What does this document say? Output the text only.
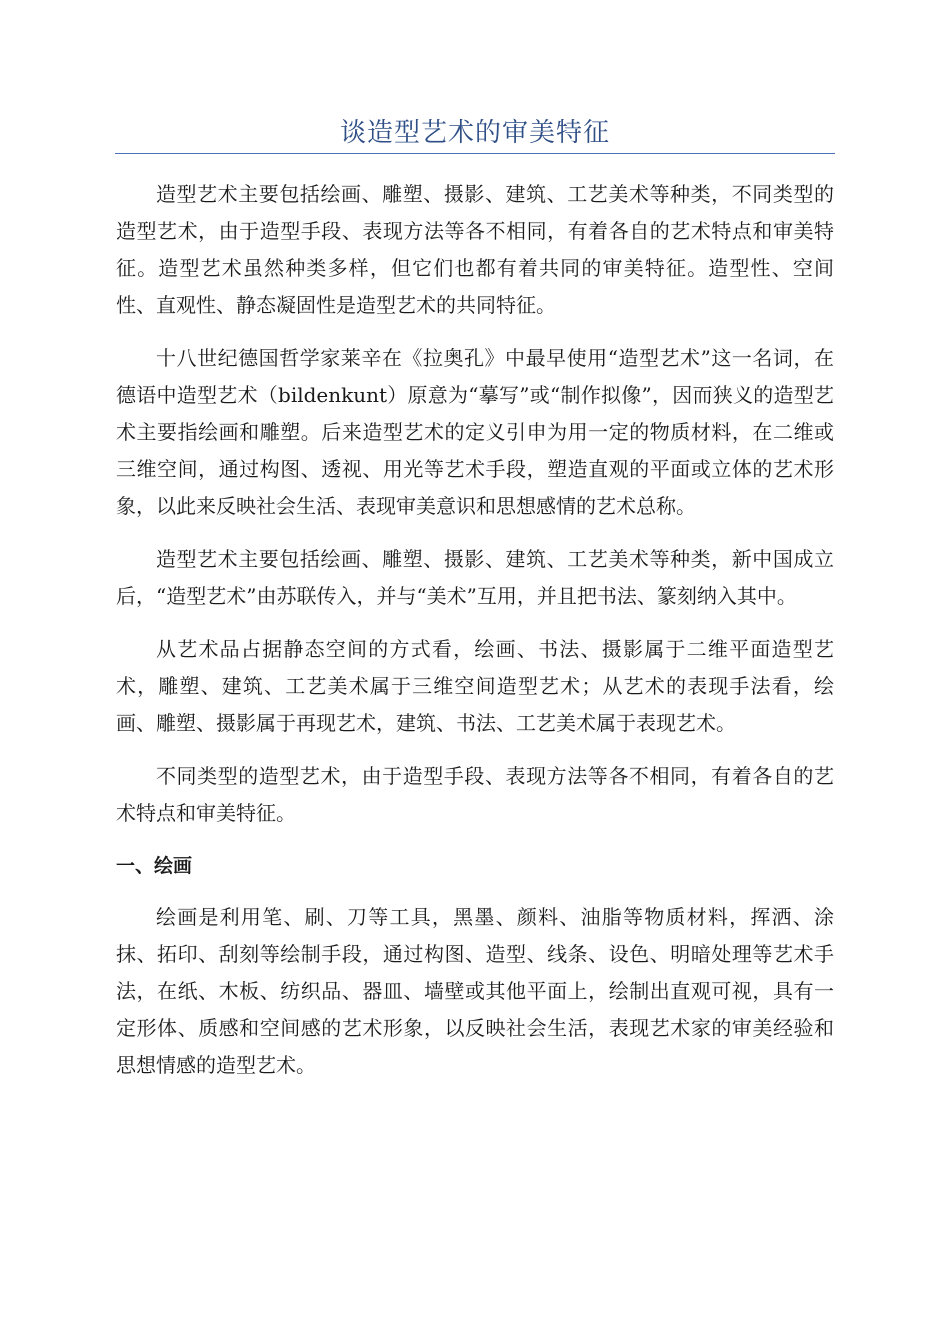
谈造型艺术的审美特征

造型艺术主要包括绘画、雕塑、摄影、建筑、工艺美术等种类，不同类型的造型艺术，由于造型手段、表现方法等各不相同，有着各自的艺术特点和审美特征。造型艺术虽然种类多样，但它们也都有着共同的审美特征。造型性、空间性、直观性、静态凝固性是造型艺术的共同特征。

十八世纪德国哲学家莱辛在《拉奥孔》中最早使用“造型艺术”这一名词，在德语中造型艺术（bildenkunt）原意为“摹写”或“制作拟像”，因而狭义的造型艺术主要指绘画和雕塑。后来造型艺术的定义引申为用一定的物质材料，在二维或三维空间，通过构图、透视、用光等艺术手段，塑造直观的平面或立体的艺术形象，以此来反映社会生活、表现审美意识和思想感情的艺术总称。

造型艺术主要包括绘画、雕塑、摄影、建筑、工艺美术等种类，新中国成立后，“造型艺术”由苏联传入，并与“美术”互用，并且把书法、篆刻纳入其中。

从艺术品占据静态空间的方式看，绘画、书法、摄影属于二维平面造型艺术，雕塑、建筑、工艺美术属于三维空间造型艺术；从艺术的表现手法看，绘画、雕塑、摄影属于再现艺术，建筑、书法、工艺美术属于表现艺术。

不同类型的造型艺术，由于造型手段、表现方法等各不相同，有着各自的艺术特点和审美特征。

一、绘画

绘画是利用笔、刷、刀等工具，黑墨、颜料、油脂等物质材料，挥洒、涂抹、拓印、刮刻等绘制手段，通过构图、造型、线条、设色、明暗处理等艺术手法，在纸、木板、纺织品、器皿、墙壁或其他平面上，绘制出直观可视，具有一定形体、质感和空间感的艺术形象，以反映社会生活，表现艺术家的审美经验和思想情感的造型艺术。
